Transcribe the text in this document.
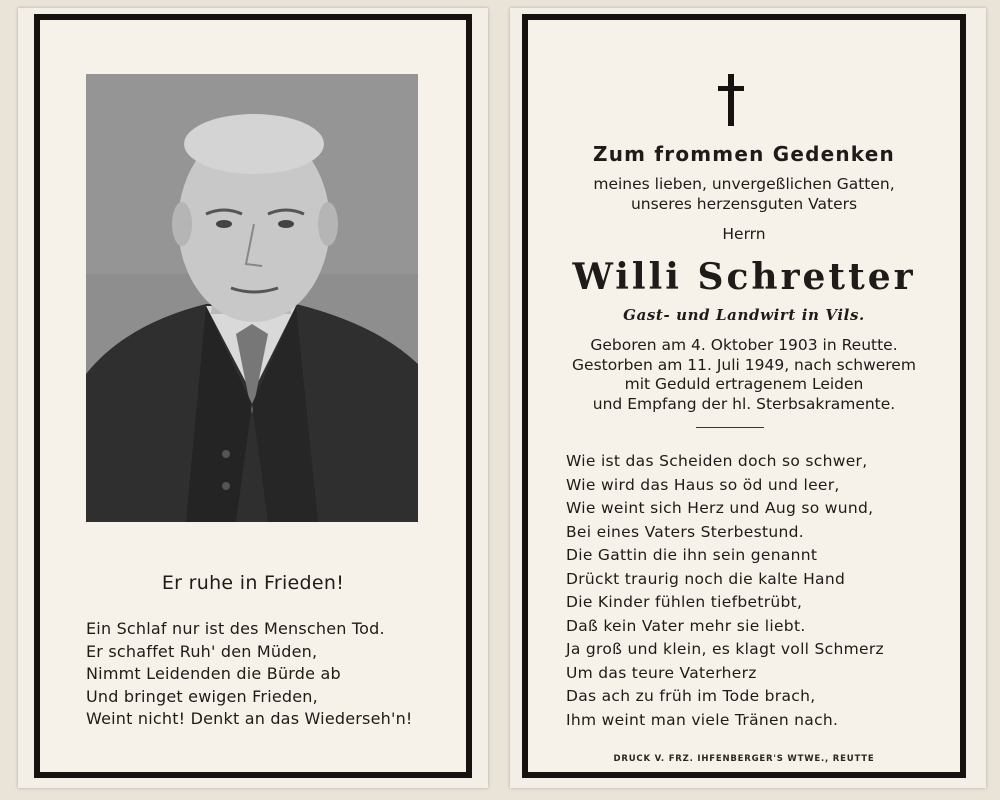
Er ruhe in Frieden!
Ein Schlaf nur ist des Menschen Tod.
Er schaffet Ruh' den Müden,
Nimmt Leidenden die Bürde ab
Und bringet ewigen Frieden,
Weint nicht! Denkt an das Wiederseh'n!
Zum frommen Gedenken
meines lieben, unvergeßlichen Gatten,
unseres herzensguten Vaters
Herrn
Willi Schretter
Gast- und Landwirt in Vils.
Geboren am 4. Oktober 1903 in Reutte.
Gestorben am 11. Juli 1949, nach schwerem
mit Geduld ertragenem Leiden
und Empfang der hl. Sterbsakramente.
Wie ist das Scheiden doch so schwer,
Wie wird das Haus so öd und leer,
Wie weint sich Herz und Aug so wund,
Bei eines Vaters Sterbestund.
Die Gattin die ihn sein genannt
Drückt traurig noch die kalte Hand
Die Kinder fühlen tiefbetrübt,
Daß kein Vater mehr sie liebt.
Ja groß und klein, es klagt voll Schmerz
Um das teure Vaterherz
Das ach zu früh im Tode brach,
Ihm weint man viele Tränen nach.
DRUCK V. FRZ. IHFENBERGER'S WTWE., REUTTE
